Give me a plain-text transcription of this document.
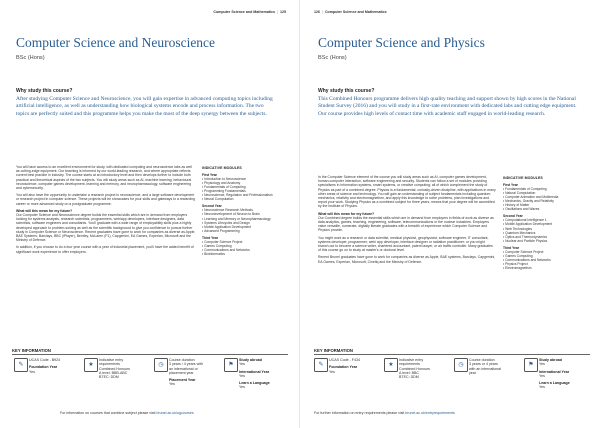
Computer Science and Mathematics | 125
Computer Science and Neuroscience
BSc (Hons)
Why study this course?
After studying Computer Science and Neuroscience, you will gain expertise in advanced computing topics including artificial intelligence, as well as understanding how biological systems encode and process information. The two topics are perfectly suited and this programme helps you make the most of the deep synergy between the subjects.

You will have access to an excellent environment for study, with dedicated computing and neuroscience labs as well as cutting-edge equipment. Our teaching is informed by our world-leading research, and where appropriate reflects current best practice in industry. The course starts at an introductory level and then develops further to include both practical and theoretical aspects of the two subjects. You will study areas such as AI, machine learning, behavioural neuroscience, computer games development, learning and memory, and neuropharmacology, software engineering and cybersecurity.

You will also have the opportunity to undertake a research project in neuroscience, and a large software development or research project in computer science. These projects will be showcases for your skills and gateways to a rewarding career or more advanced study on a postgraduate programme.

What will this mean for my future?

Our Computer Science and Neuroscience degree builds the essential skills which are in demand from employers looking for systems analysts, research scientists, programmers, web/app developers, interface designers, data scientists, software engineers and consultants. You'll graduate with a wide range of employability skills plus a highly developed approach to problem-solving as well as the scientific background to give you confidence to pursue further study in Computer Science or Neuroscience. Recent graduates have gone to work for companies as diverse as Apple, BAE Systems, Barclays, BBC (iPlayer), Bentley, McLaren (F1), Capgemini, EA Games, Experian, Microsoft and the Ministry of Defence.

In addition, if you choose to do a four year course with a year of industrial placement, you'll have the added benefit of significant work experience to offer employers.

INDICATIVE MODULES
First Year
• Introduction to Neuroscience
• Physiology and Anatomy
• Fundamentals of Computing
• Programming Fundamentals
• Neuroscience, Regulation and Professionalism
• Neural Computation
Second Year
• Neuroscience Research Methods
• Neurodevelopment of Neuron to Brain
• Learning and Memory or Neuropharmacology
• Systems Lifecycles and Design
• Mobile Application Development
• Advanced Programming
Third Year
• Computer Science Project
• Games Computing
• Communications and Networks
• Bioinformatics
KEY INFORMATION
✎
UCAS Code - B924
Foundation Year
Yes
★
Indicative entry
requirements
Combined Honours
A level: BBB-ABC
BTEC: DDM
◷
Course duration
3 years / 4 years with
an international or
placement year
Placement Year
Yes
⚑
Study abroad
Yes
International Year
Yes
Learn a Language
Yes
For information on courses that combine subject please visit brunel.ac.uk/ugcourses
126 | Computer Science and Mathematics
Computer Science and Physics
BSc (Hons)
Why study this course?
This Combined Honours programme delivers high quality teaching and support shown by high scores in the National Student Survey (2016) and you will study in a first-rate environment with dedicated labs and cutting edge equipment. Our course provides high levels of contact time with academic staff engaged in world-leading research.

In the Computer Science element of the course you will study areas such as AI, computer games development, human-computer interaction, software engineering and security. Students can follow a set of modules providing specialisms in Information systems, smart systems, or creative computing; all of which complement the study of Physics as part of a combined degree. Physics is a fundamental, curiosity-driven discipline, with applications in many other areas of science and technology. You will gain an understanding of subject fundamentals including quantum mechanics, relativity and electromagnetism, and apply this knowledge to solve problems, plan investigations and report your work. Studying Physics as a combined subject for three years, means that your degree will be accredited by the Institute of Physics.

What will this mean for my future?

Our Combined degree builds the essential skills which are in demand from employers in fields of work as diverse as data analytics, games, teaching, engineering, software, telecommunications or the nuclear industries. Employers value versatile, numerate, digitally literate graduates with a breadth of experience which Computer Science and Physics provide.

You might work as a research or data scientist, medical physicist, geophysicist, software engineer, IT consultant, systems developer, programmer, web/ app developer, interface designer or radiation practitioner; or you might branch out to become a science writer, chartered accountant, patent lawyer, or air traffic controller. Many graduates of this course go on to study at master's or doctoral level.

Recent Brunel graduates have gone to work for companies as diverse as Apple, BAE systems, Barclays, Capgemini, EA Games, Experian, Microsoft, Cinetiq and the Ministry of Defence.

INDICATIVE MODULES
First Year
• Fundamentals of Computing
• Natural Computation
• Computer Animation and Multimedia
• Mechanics, Gravity and Relativity
• History of Matter
• Oscillations and Waves
Second Year
• Computational Intelligence 1
• Mobile Application Development
• Web Technologies
• Quantum Mechanics
• Optics and Thermodynamics
• Nuclear and Particle Physics
Third Year
• Computer Science Project
• Games Computing
• Communications and Networks
• Physics Project
• Electromagnetism
KEY INFORMATION
✎
UCAS Code - F434
Foundation Year
Yes
★
Indicative entry
requirements
Combined Honours
A level: BBC
BTEC: DDM
◷
Course duration
3 years or 4 years
with an international
year
⚑
Study abroad
Yes
International Year
Yes
Learn a Language
Yes
For further information on entry requirements please visit brunel.ac.uk/entryrequirements
